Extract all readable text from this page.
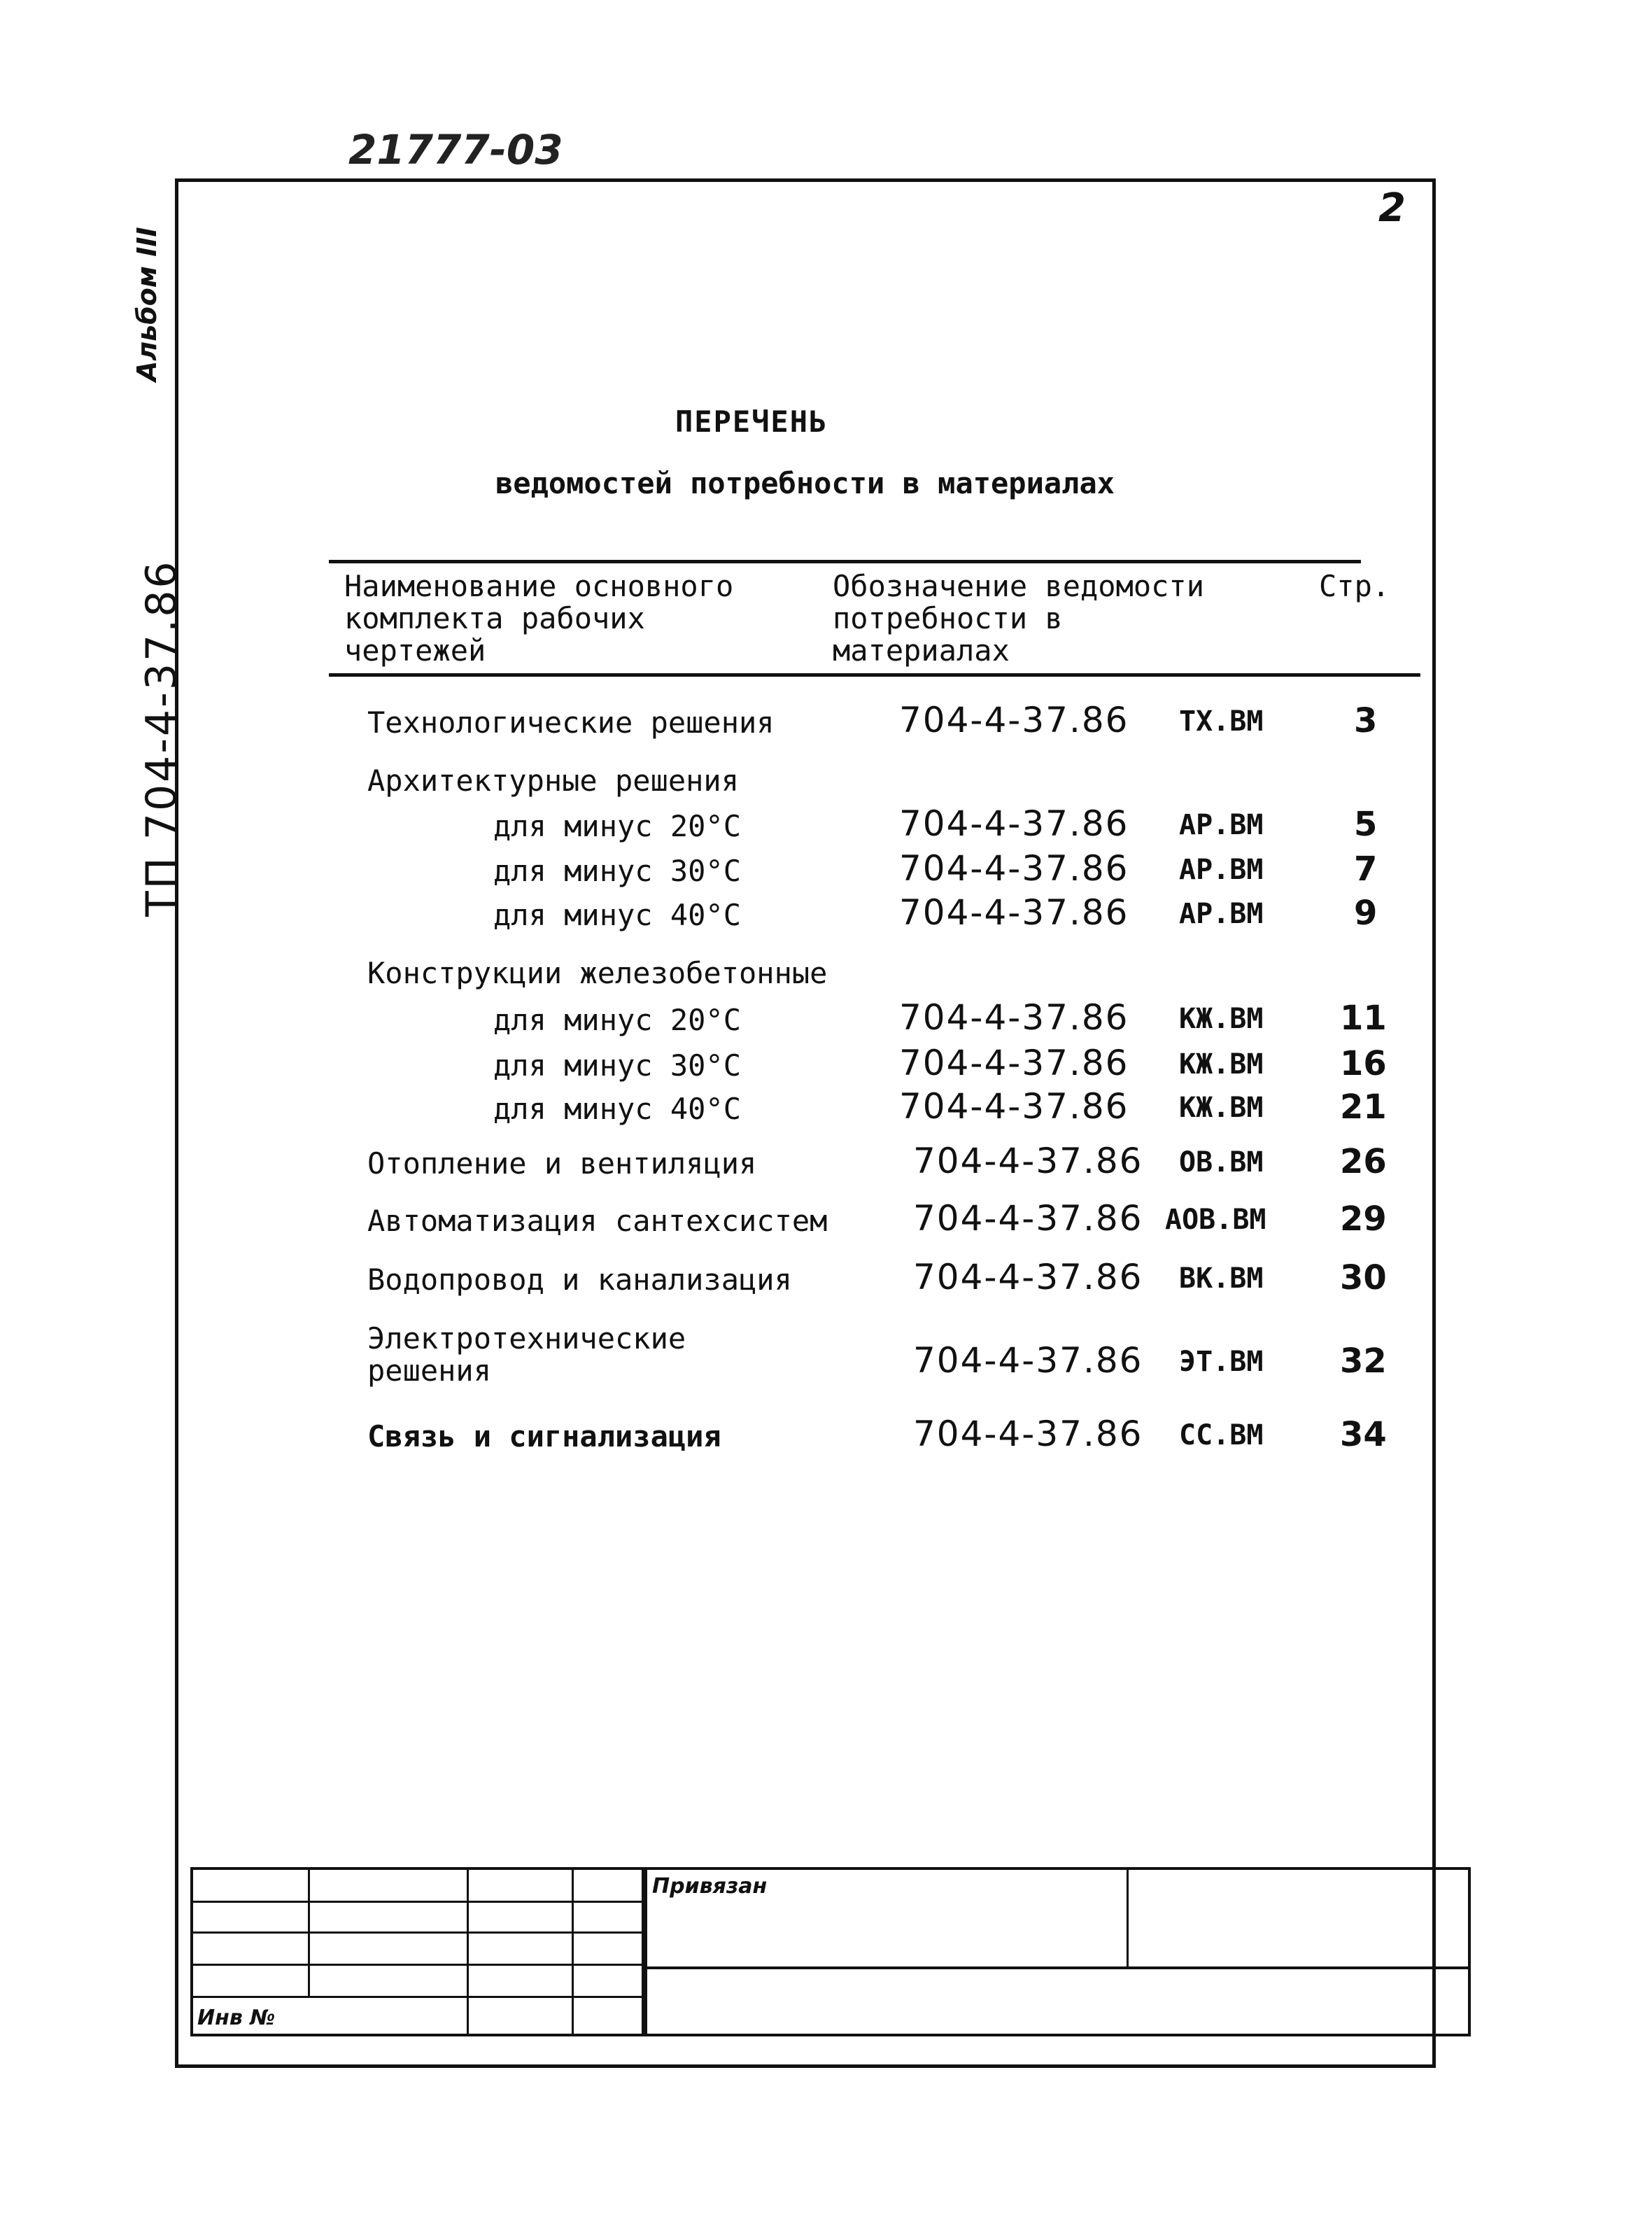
21777-03
2
Альбом III
ТП 704-4-37.86
ПЕРЕЧЕНЬ
ведомостей потребности в материалах
Наименование основного
комплекта рабочих
чертежей
Обозначение ведомости
потребности в
материалах
Стр.
Технологические решения	704-4-37.86 ТХ.ВМ	3
Архитектурные решения
для минус 20°С	704-4-37.86 АР.ВМ	5
для минус 30°С	704-4-37.86 АР.ВМ	7
для минус 40°С	704-4-37.86 АР.ВМ	9
Конструкции железобетонные
для минус 20°С	704-4-37.86 КЖ.ВМ 11
для минус 30°С	704-4-37.86 КЖ.ВМ 16
для минус 40°С	704-4-37.86 КЖ.ВМ 21
Отопление и вентиляция	704-4-37.86 ОВ.ВМ 26
Автоматизация сантехсистем 704-4-37.86 АОВ.ВМ 29
Водопровод и канализация	704-4-37.86 ВК.ВМ 30
Электротехнические
решения	704-4-37.86 ЭТ.ВМ 32
Связь и сигнализация	704-4-37.86 СС.ВМ 34
Привязан
Инв №
